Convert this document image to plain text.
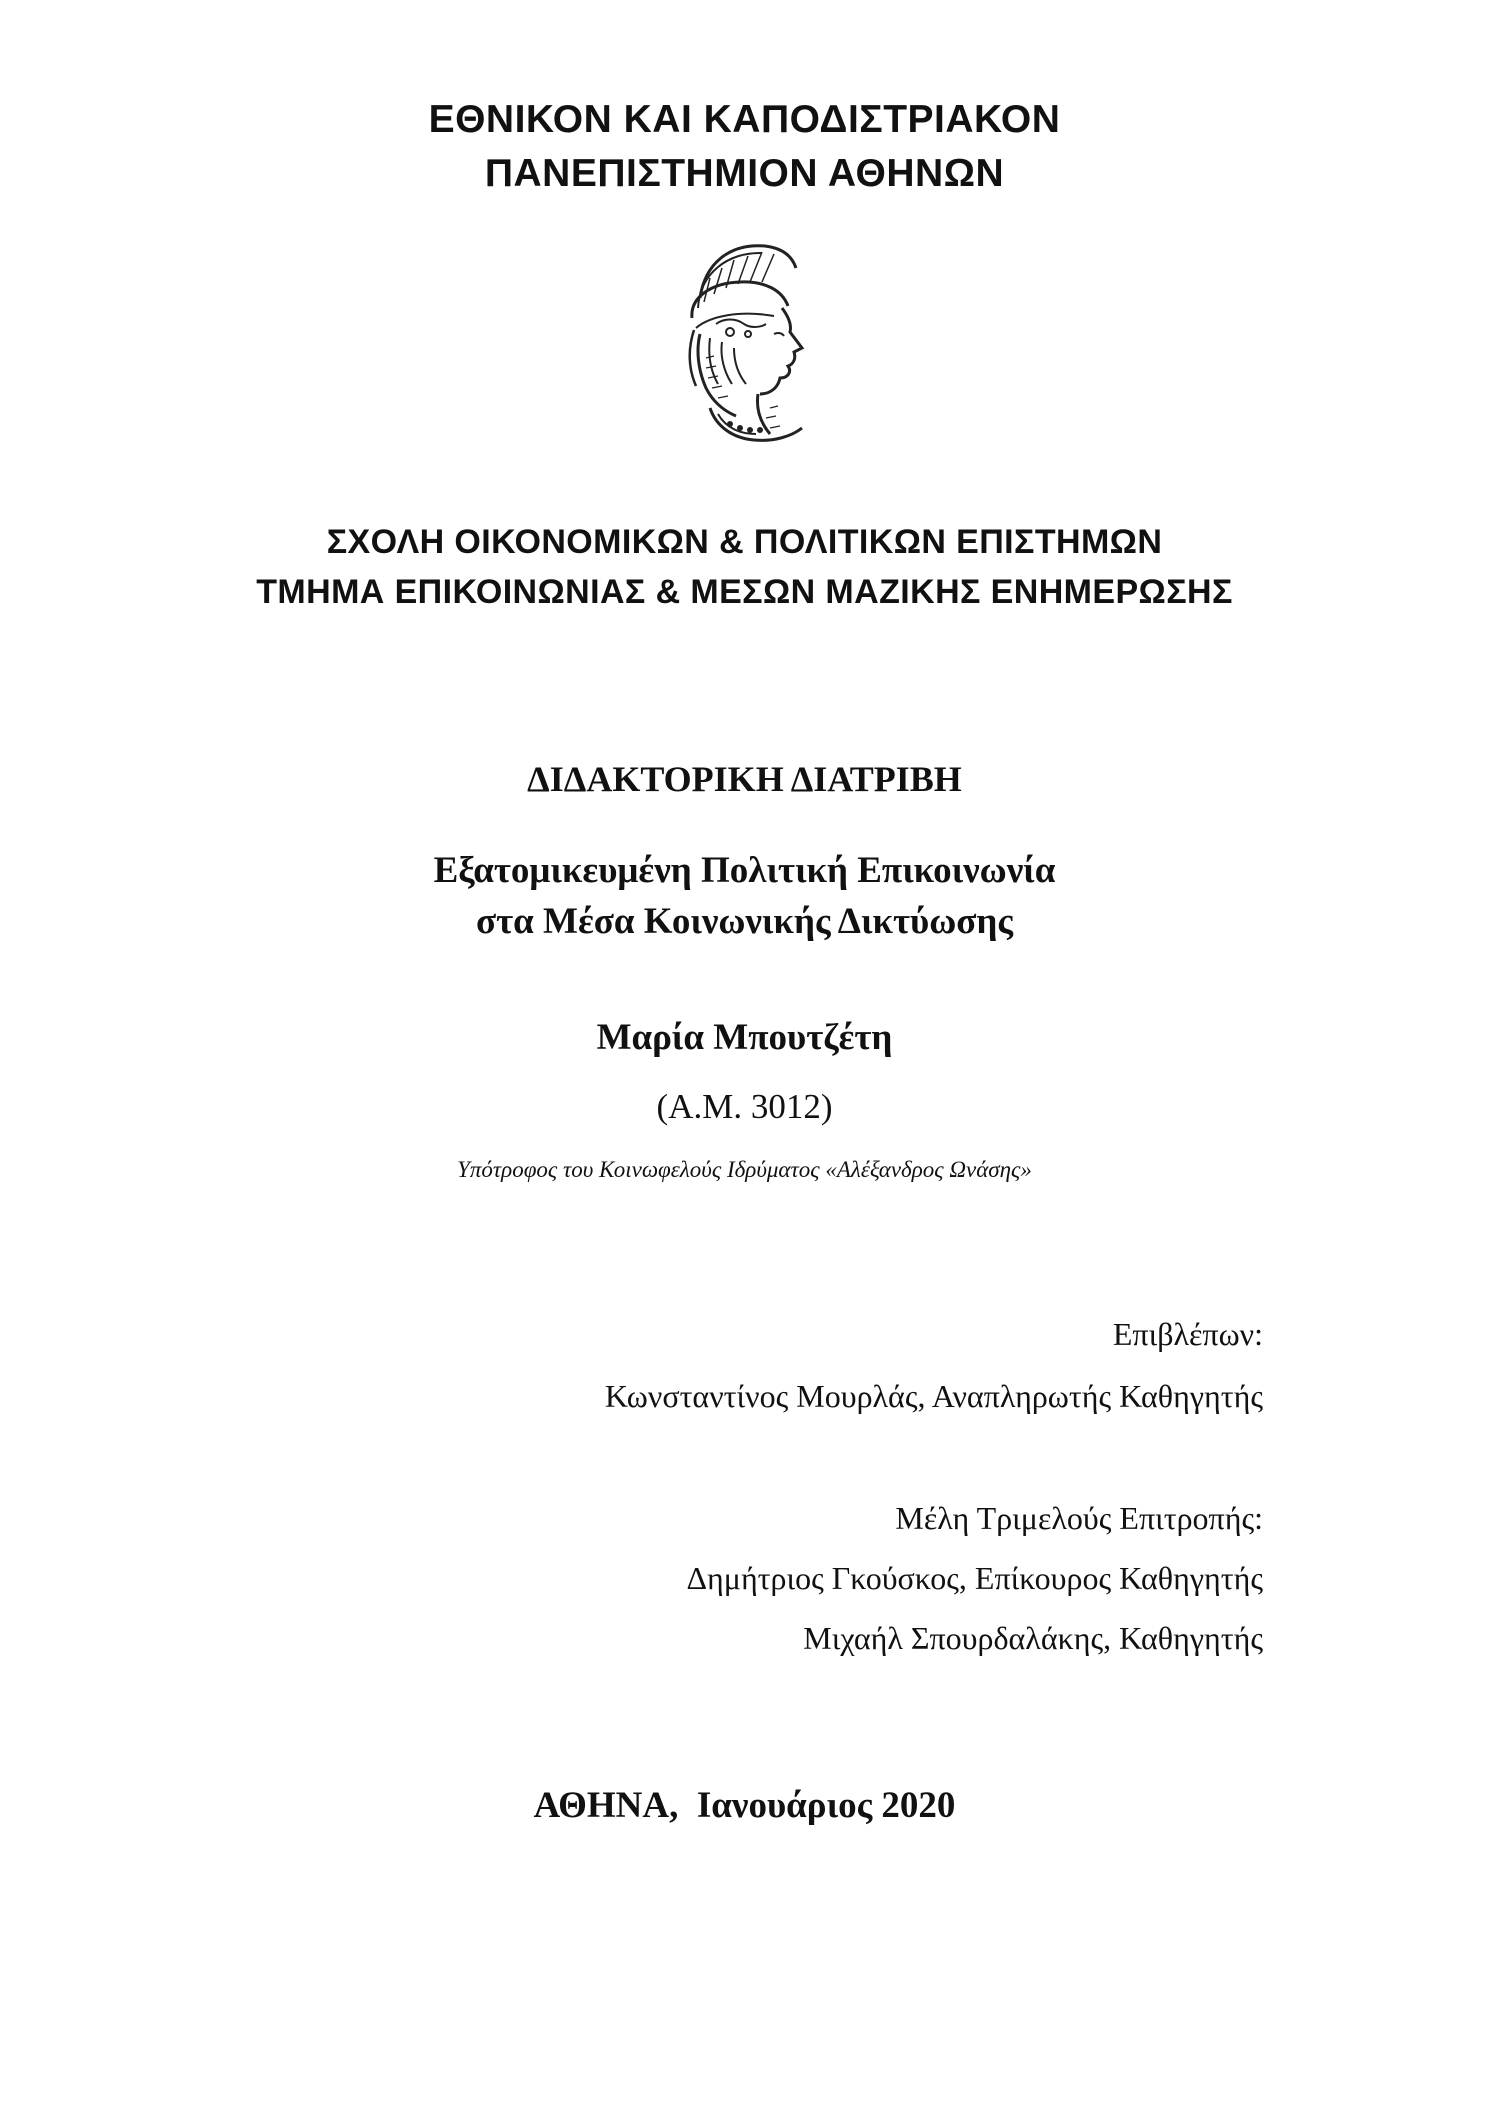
ΕΘΝΙΚΟΝ ΚΑΙ ΚΑΠΟΔΙΣΤΡΙΑΚΟΝ
ΠΑΝΕΠΙΣΤΗΜΙΟΝ ΑΘΗΝΩΝ
ΣΧΟΛΗ ΟΙΚΟΝΟΜΙΚΩΝ & ΠΟΛΙΤΙΚΩΝ ΕΠΙΣΤΗΜΩΝ
ΤΜΗΜΑ ΕΠΙΚΟΙΝΩΝΙΑΣ & ΜΕΣΩΝ ΜΑΖΙΚΗΣ ΕΝΗΜΕΡΩΣΗΣ
ΔΙΔΑΚΤΟΡΙΚΗ ΔΙΑΤΡΙΒΗ
Εξατομικευμένη Πολιτική Επικοινωνία
στα Μέσα Κοινωνικής Δικτύωσης
Μαρία Μπουτζέτη
(Α.Μ. 3012)
Υπότροφος του Κοινωφελούς Ιδρύματος «Αλέξανδρος Ωνάσης»
Επιβλέπων:
Κωνσταντίνος Μουρλάς, Αναπληρωτής Καθηγητής
Μέλη Τριμελούς Επιτροπής:
Δημήτριος Γκούσκος, Επίκουρος Καθηγητής
Μιχαήλ Σπουρδαλάκης, Καθηγητής
ΑΘΗΝΑ,  Ιανουάριος 2020
